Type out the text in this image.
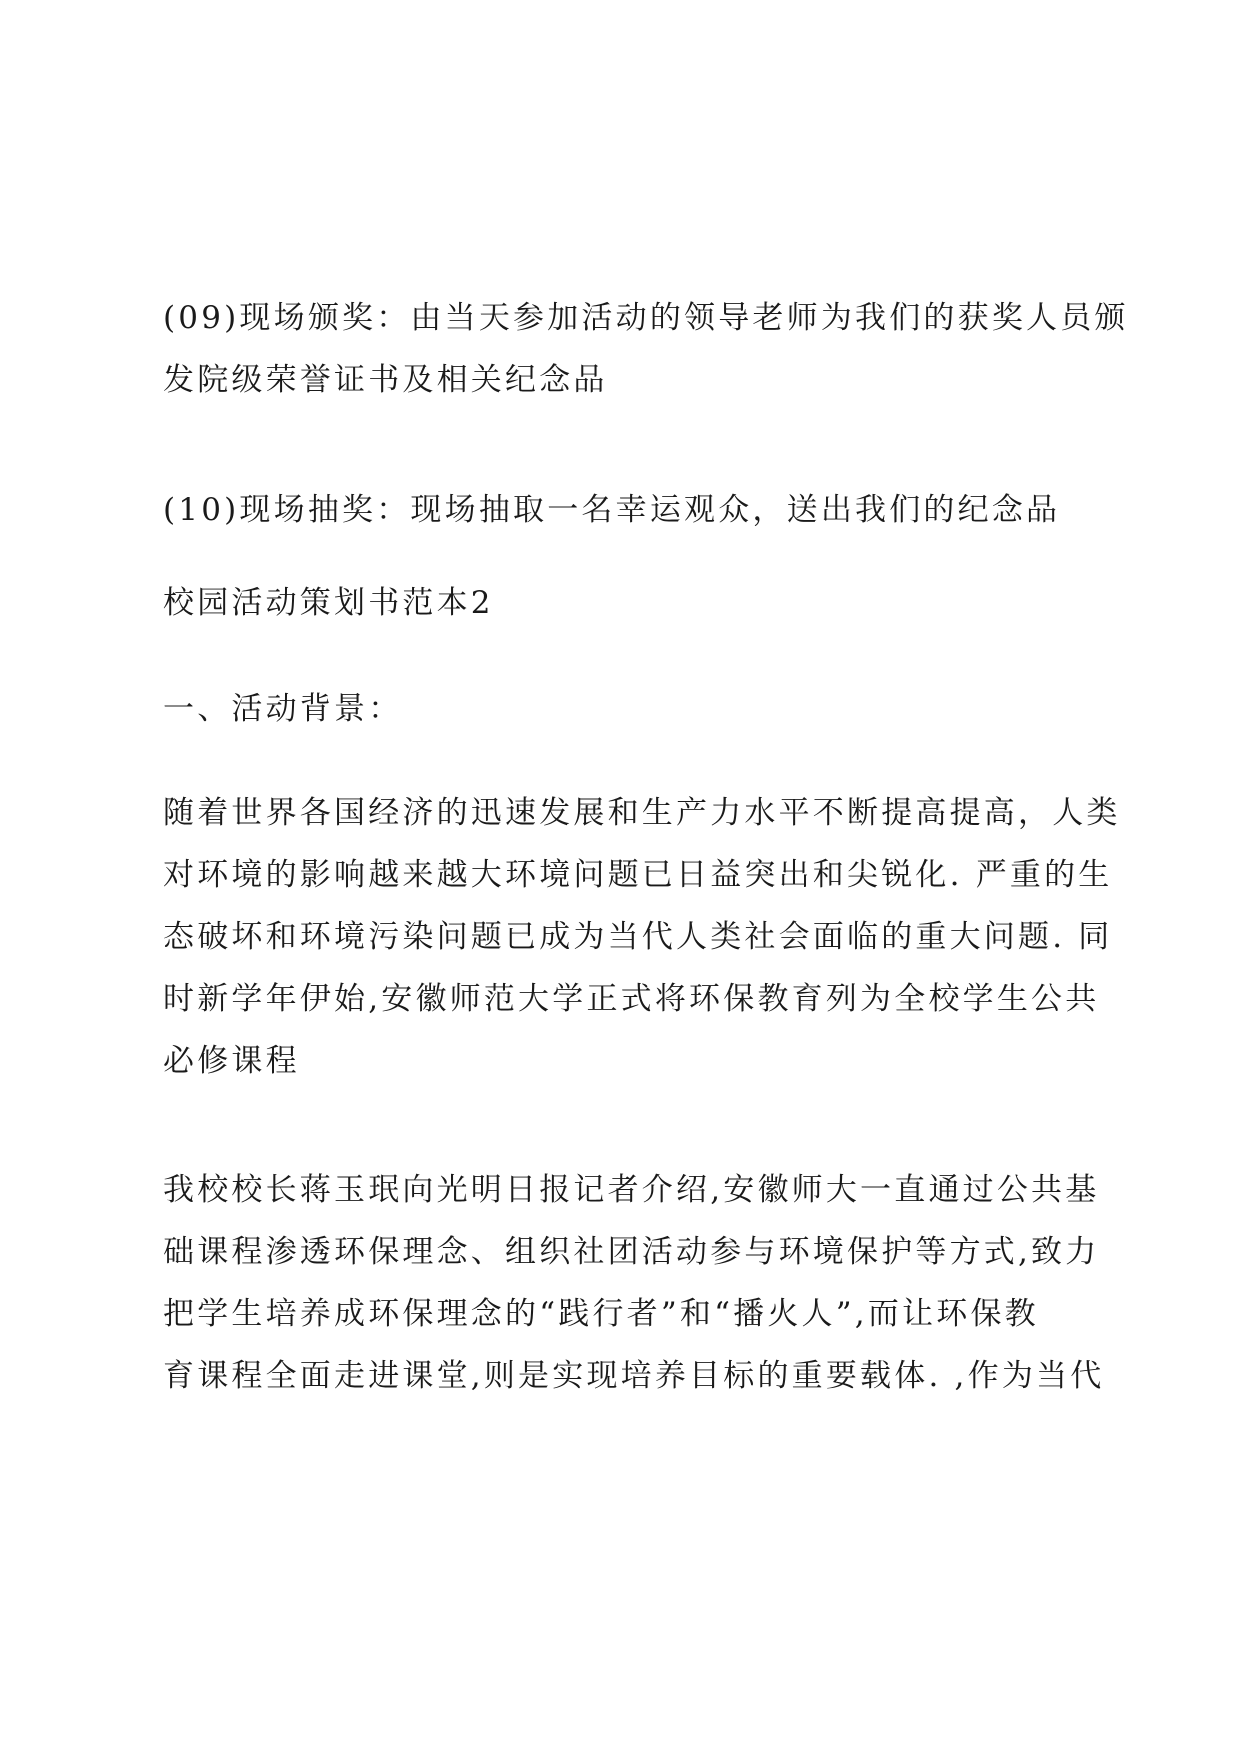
(09)现场颁奖：由当天参加活动的领导老师为我们的获奖人员颁
发院级荣誉证书及相关纪念品
(10)现场抽奖：现场抽取一名幸运观众，送出我们的纪念品
校园活动策划书范本2
一、活动背景：
随着世界各国经济的迅速发展和生产力水平不断提高提高，人类
对环境的影响越来越大环境问题已日益突出和尖锐化. 严重的生
态破坏和环境污染问题已成为当代人类社会面临的重大问题. 同
时新学年伊始,安徽师范大学正式将环保教育列为全校学生公共
必修课程
我校校长蒋玉珉向光明日报记者介绍,安徽师大一直通过公共基
础课程渗透环保理念、组织社团活动参与环境保护等方式,致力
把学生培养成环保理念的“践行者”和“播火人”,而让环保教
育课程全面走进课堂,则是实现培养目标的重要载体. ,作为当代
